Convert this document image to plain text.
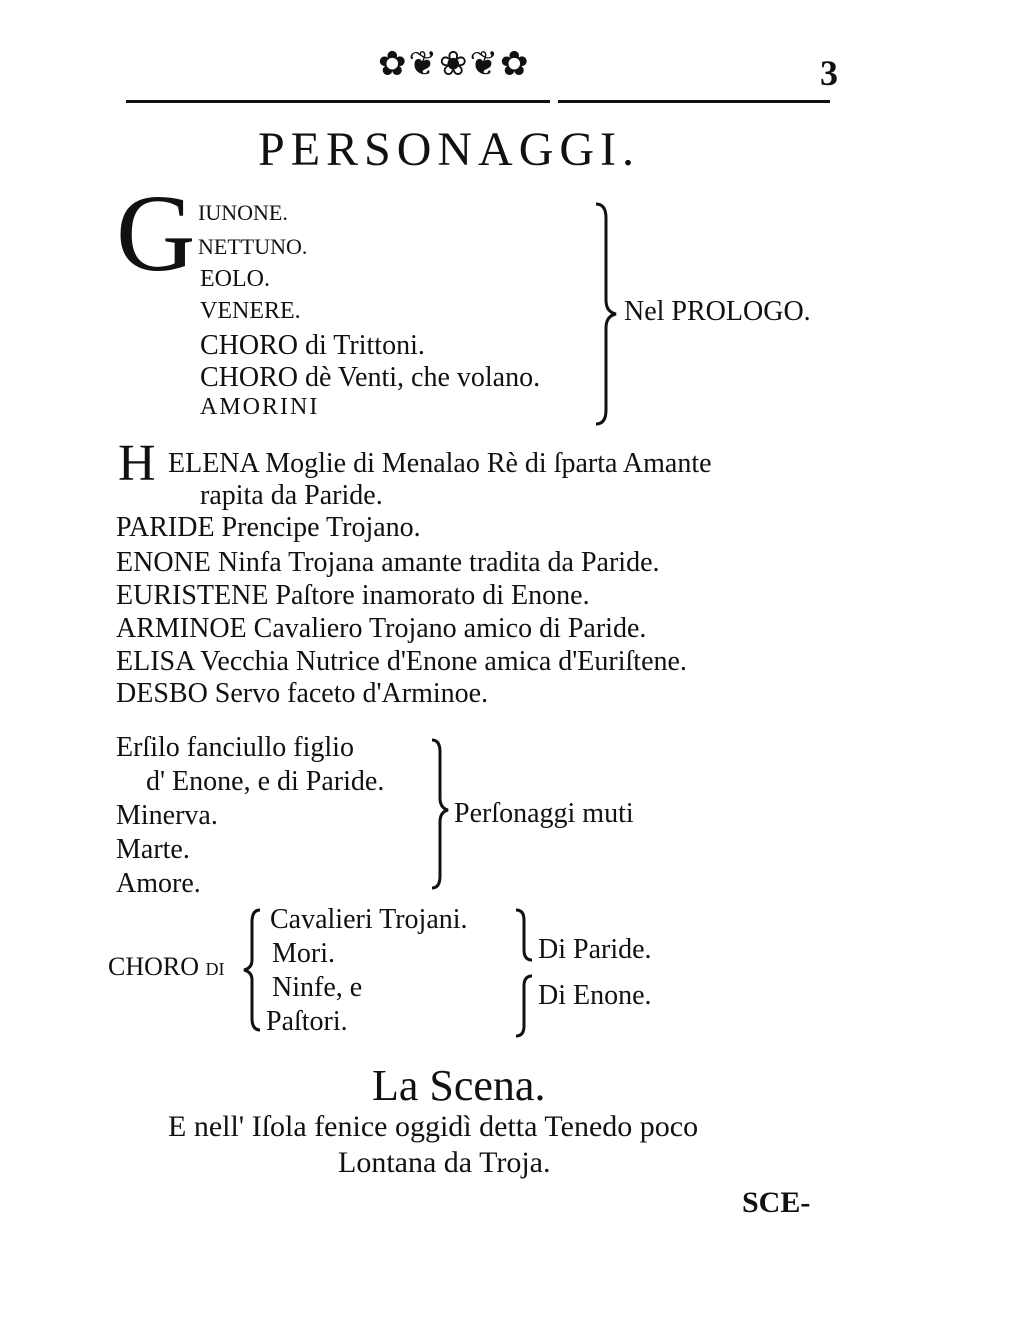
✿❦❀❦✿	3
PERSONAGGI.
G IUNONE.
NETTUNO.
EOLO.
VENERE.
CHORO di Trittoni.
CHORO dè Venti, che volano.
AMORINI
Nel PROLOGO.
H ELENA Moglie di Menalao Rè di ſparta Amante
rapita da Paride.
PARIDE Prencipe Trojano.
ENONE Ninfa Trojana amante tradita da Paride.
EURISTENE Paſtore inamorato di Enone.
ARMINOE Cavaliero Trojano amico di Paride.
ELISA Vecchia Nutrice d'Enone amica d'Euriſtene.
DESBO Servo faceto d'Arminoe.
Erſilo fanciullo figlio
d' Enone, e di Paride.
Minerva.
Marte.
Amore.
Perſonaggi muti
CHORO di
Cavalieri Trojani.
Mori.
Ninfe, e
Paſtori.
Di Paride.
Di Enone.
La Scena.
E nell' Iſola fenice oggidì detta Tenedo poco
Lontana da Troja.
SCE-
